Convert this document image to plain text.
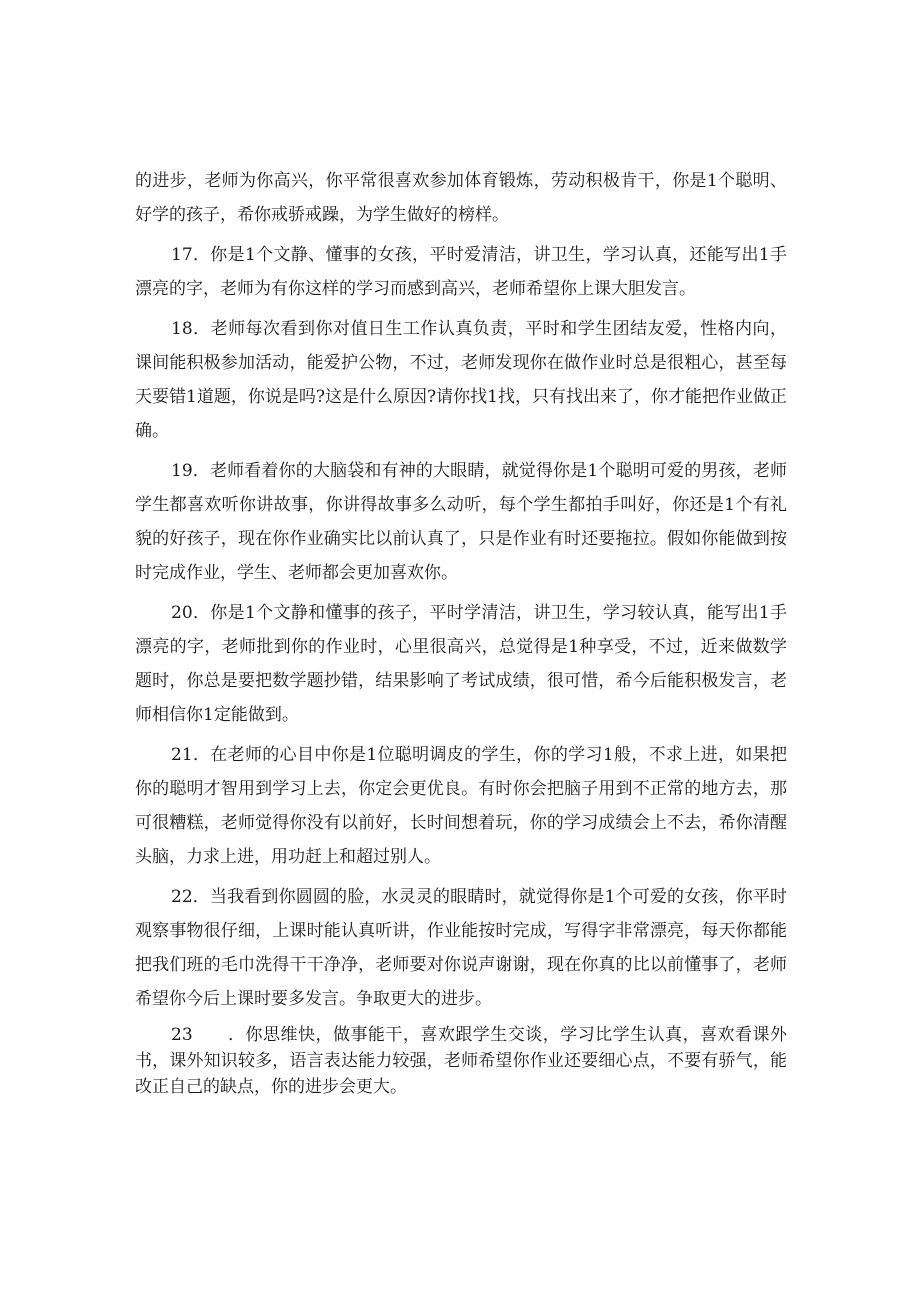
的进步，老师为你高兴，你平常很喜欢参加体育锻炼，劳动积极肯干，你是1个聪明、好学的孩子，希你戒骄戒躁，为学生做好的榜样。

17．你是1个文静、懂事的女孩，平时爱清洁，讲卫生，学习认真，还能写出1手漂亮的字，老师为有你这样的学习而感到高兴，老师希望你上课大胆发言。

18．老师每次看到你对值日生工作认真负责，平时和学生团结友爱，性格内向，课间能积极参加活动，能爱护公物，不过，老师发现你在做作业时总是很粗心，甚至每天要错1道题，你说是吗?这是什么原因?请你找1找，只有找出来了，你才能把作业做正确。

19．老师看着你的大脑袋和有神的大眼睛，就觉得你是1个聪明可爱的男孩，老师学生都喜欢听你讲故事，你讲得故事多么动听，每个学生都拍手叫好，你还是1个有礼貌的好孩子，现在你作业确实比以前认真了，只是作业有时还要拖拉。假如你能做到按时完成作业，学生、老师都会更加喜欢你。

20．你是1个文静和懂事的孩子，平时学清洁，讲卫生，学习较认真，能写出1手漂亮的字，老师批到你的作业时，心里很高兴，总觉得是1种享受，不过，近来做数学题时，你总是要把数学题抄错，结果影响了考试成绩，很可惜，希今后能积极发言，老师相信你1定能做到。

21．在老师的心目中你是1位聪明调皮的学生，你的学习1般，不求上进，如果把你的聪明才智用到学习上去，你定会更优良。有时你会把脑子用到不正常的地方去，那可很糟糕，老师觉得你没有以前好，长时间想着玩，你的学习成绩会上不去，希你清醒头脑，力求上进，用功赶上和超过别人。

22．当我看到你圆圆的脸，水灵灵的眼睛时，就觉得你是1个可爱的女孩，你平时观察事物很仔细，上课时能认真听讲，作业能按时完成，写得字非常漂亮，每天你都能把我们班的毛巾洗得干干净净，老师要对你说声谢谢，现在你真的比以前懂事了，老师希望你今后上课时要多发言。争取更大的进步。

23　　．你思维快，做事能干，喜欢跟学生交谈，学习比学生认真，喜欢看课外书，课外知识较多，语言表达能力较强，老师希望你作业还要细心点，不要有骄气，能改正自己的缺点，你的进步会更大。
